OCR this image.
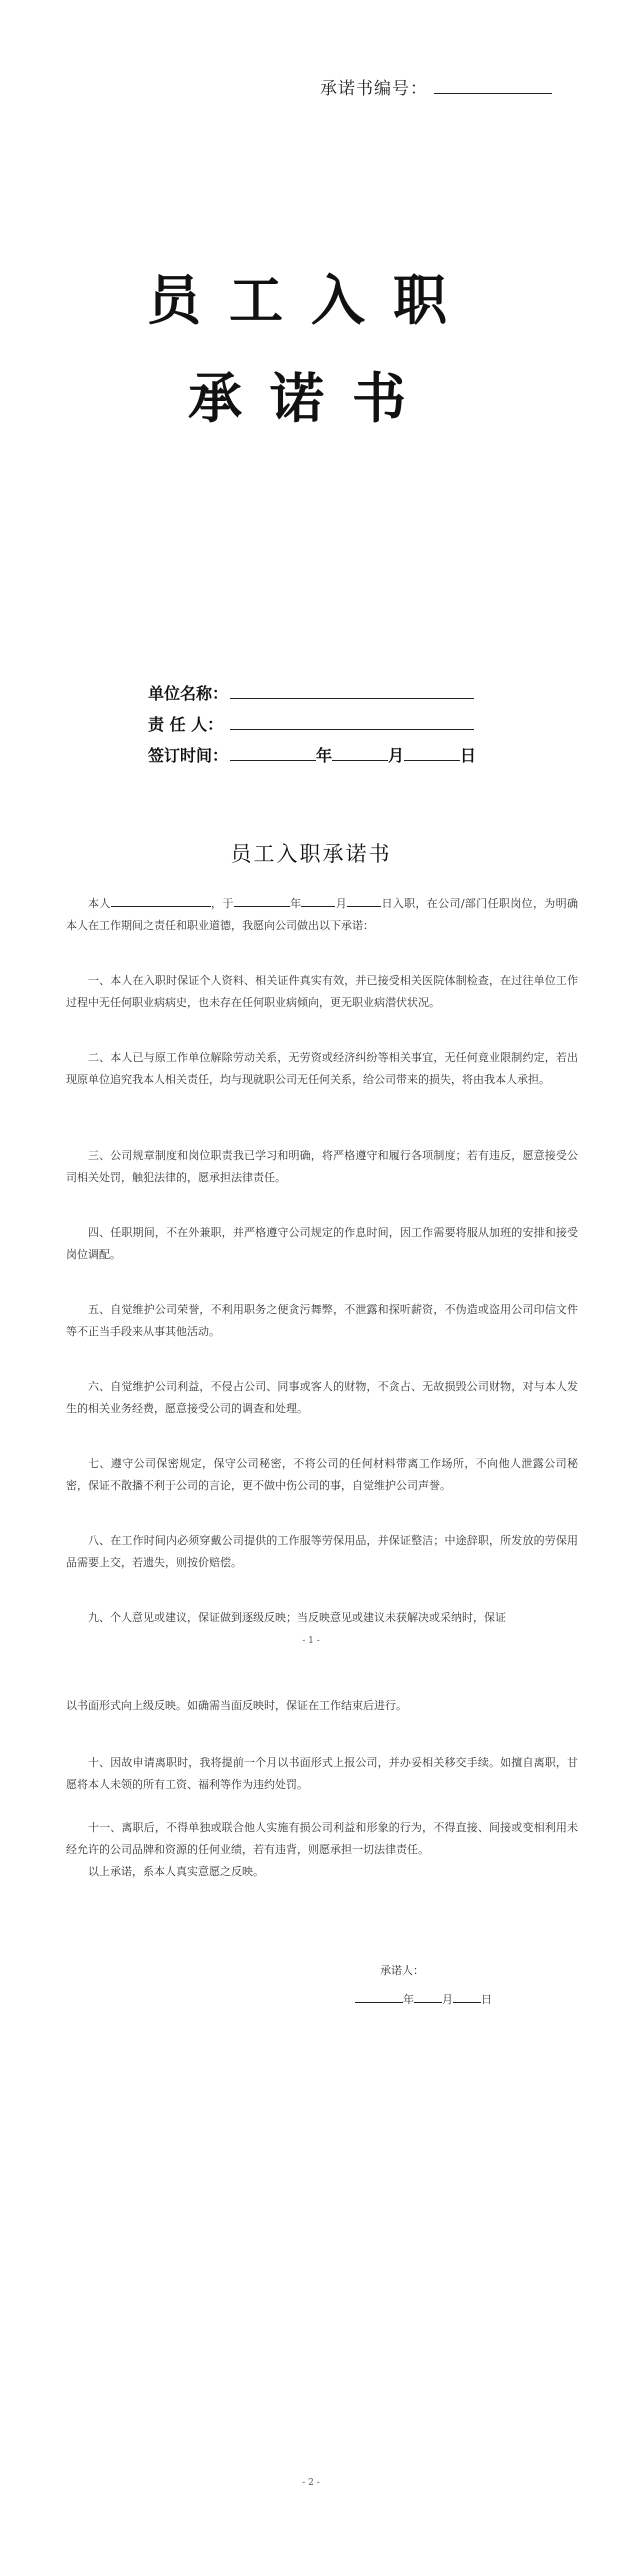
承诺书编号：
员工入职
承诺书
单位名称：
责 任 人：
签订时间：	年	月	日
员工入职承诺书

本人	，于	年	月	日入职，在公司/部门任职岗位，为明确本人在工作期间之责任和职业道德，我愿向公司做出以下承诺：

一、本人在入职时保证个人资料、相关证件真实有效，并已接受相关医院体制检查，在过往单位工作过程中无任何职业病病史，也未存在任何职业病倾向，更无职业病潜伏状况。

二、本人已与原工作单位解除劳动关系，无劳资或经济纠纷等相关事宜，无任何竟业限制约定，若出现原单位追究我本人相关责任，均与现就职公司无任何关系，给公司带来的损失，将由我本人承担。

三、公司规章制度和岗位职责我已学习和明确，将严格遵守和履行各项制度；若有违反，愿意接受公司相关处罚，触犯法律的，愿承担法律责任。

四、任职期间，不在外兼职，并严格遵守公司规定的作息时间，因工作需要将服从加班的安排和接受岗位调配。

五、自觉维护公司荣誉，不利用职务之便贪污舞弊，不泄露和探听薪资，不伪造或盗用公司印信文件等不正当手段来从事其他活动。

六、自觉维护公司利益，不侵占公司、同事或客人的财物，不贪占、无故损毁公司财物，对与本人发生的相关业务经费，愿意接受公司的调查和处理。

七、遵守公司保密规定，保守公司秘密，不将公司的任何材料带离工作场所，不向他人泄露公司秘密，保证不散播不利于公司的言论，更不做中伤公司的事，自觉维护公司声誉。

八、在工作时间内必须穿戴公司提供的工作服等劳保用品，并保证整洁；中途辞职，所发放的劳保用品需要上交，若遗失，则按价赔偿。

九、个人意见或建议，保证做到逐级反映；当反映意见或建议未获解决或采纳时，保证

- 1 -

以书面形式向上级反映。如确需当面反映时，保证在工作结束后进行。

十、因故申请离职时，我将提前一个月以书面形式上报公司，并办妥相关移交手续。如擅自离职，甘愿将本人未领的所有工资、福利等作为违约处罚。

十一、离职后，不得单独或联合他人实施有损公司利益和形象的行为，不得直接、间接或变相利用未经允许的公司品牌和资源的任何业绩，若有违背，则愿承担一切法律责任。

以上承诺，系本人真实意愿之反映。

承诺人：
年	月	日
- 2 -
